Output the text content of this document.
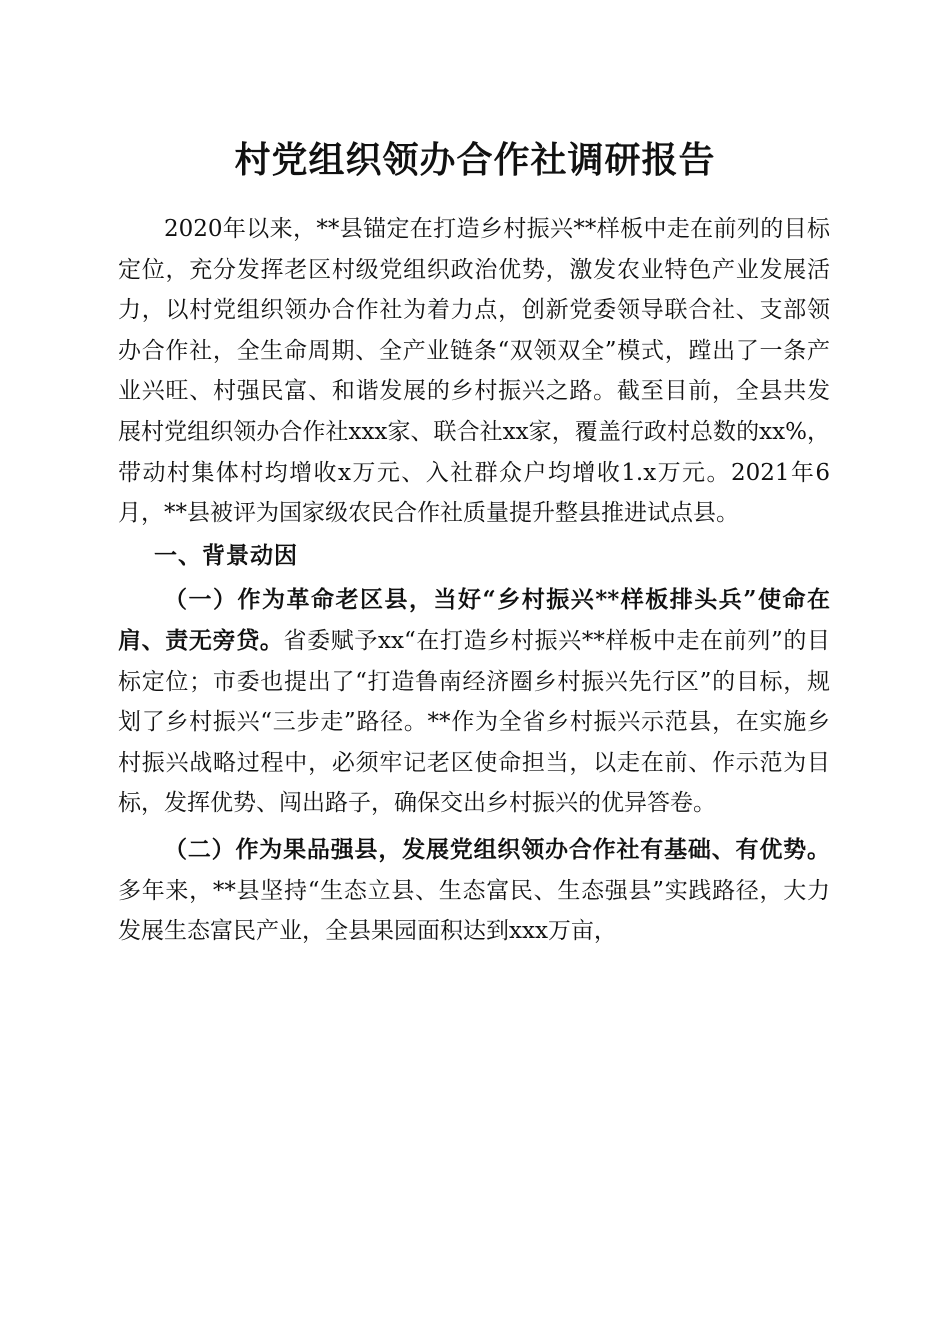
村党组织领办合作社调研报告

2020年以来，**县锚定在打造乡村振兴**样板中走在前列的目标定位，充分发挥老区村级党组织政治优势，激发农业特色产业发展活力，以村党组织领办合作社为着力点，创新党委领导联合社、支部领办合作社，全生命周期、全产业链条“双领双全”模式，蹚出了一条产业兴旺、村强民富、和谐发展的乡村振兴之路。截至目前，全县共发展村党组织领办合作社xxx家、联合社xx家，覆盖行政村总数的xx%，带动村集体村均增收x万元、入社群众户均增收1.x万元。2021年6月，**县被评为国家级农民合作社质量提升整县推进试点县。

一、背景动因

（一）作为革命老区县，当好“乡村振兴**样板排头兵”使命在肩、责无旁贷。省委赋予xx“在打造乡村振兴**样板中走在前列”的目标定位；市委也提出了“打造鲁南经济圈乡村振兴先行区”的目标，规划了乡村振兴“三步走”路径。**作为全省乡村振兴示范县，在实施乡村振兴战略过程中，必须牢记老区使命担当，以走在前、作示范为目标，发挥优势、闯出路子，确保交出乡村振兴的优异答卷。

（二）作为果品强县，发展党组织领办合作社有基础、有优势。多年来，**县坚持“生态立县、生态富民、生态强县”实践路径，大力发展生态富民产业，全县果园面积达到xxx万亩，
